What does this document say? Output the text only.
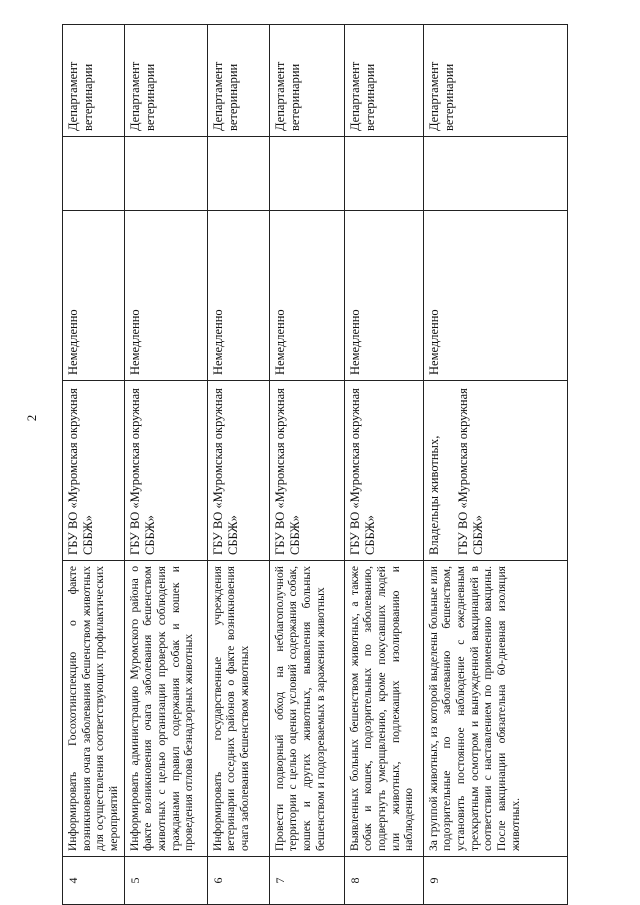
2
4	Информировать Госохотинспекцию о факте возникновения очага заболевания бешенством животных для осуществления соответствующих профилактических мероприятий	ГБУ ВО «Муромская окружная СББЖ»	Немедленно		Департамент ветеринарии
5	Информировать администрацию Муромского района о факте возникновения очага заболевания бешенством животных с целью организации проверок соблюдения гражданами правил содержания собак и кошек и проведения отлова безнадзорных животных	ГБУ ВО «Муромская окружная СББЖ»	Немедленно		Департамент ветеринарии
6	Информировать государственные учреждения ветеринарии соседних районов о факте возникновения очага заболевания бешенством животных	ГБУ ВО «Муромская окружная СББЖ»	Немедленно		Департамент ветеринарии
7	Провести подворный обход на неблагополучной территории с целью оценки условий содержания собак, кошек и других животных, выявления больных бешенством и подозреваемых в заражении животных	ГБУ ВО «Муромская окружная СББЖ»	Немедленно		Департамент ветеринарии
8	Выявленных больных бешенством животных, а также собак и кошек, подозрительных по заболеванию, подвергнуть умерщвлению, кроме покусавших людей или животных, подлежащих изолированию и наблюдению	ГБУ ВО «Муромская окружная СББЖ»	Немедленно		Департамент ветеринарии
9	За группой животных, из которой выделены больные или подозрительные по заболеванию бешенством, установить постоянное наблюдение с ежедневным трехкратным осмотром и вынужденной вакцинацией в соответствии с наставлением по применению вакцины. После вакцинации обязательна 60-дневная изоляция животных.	Владельцы животных, ГБУ ВО «Муромская окружная СББЖ»	Немедленно		Департамент ветеринарии
